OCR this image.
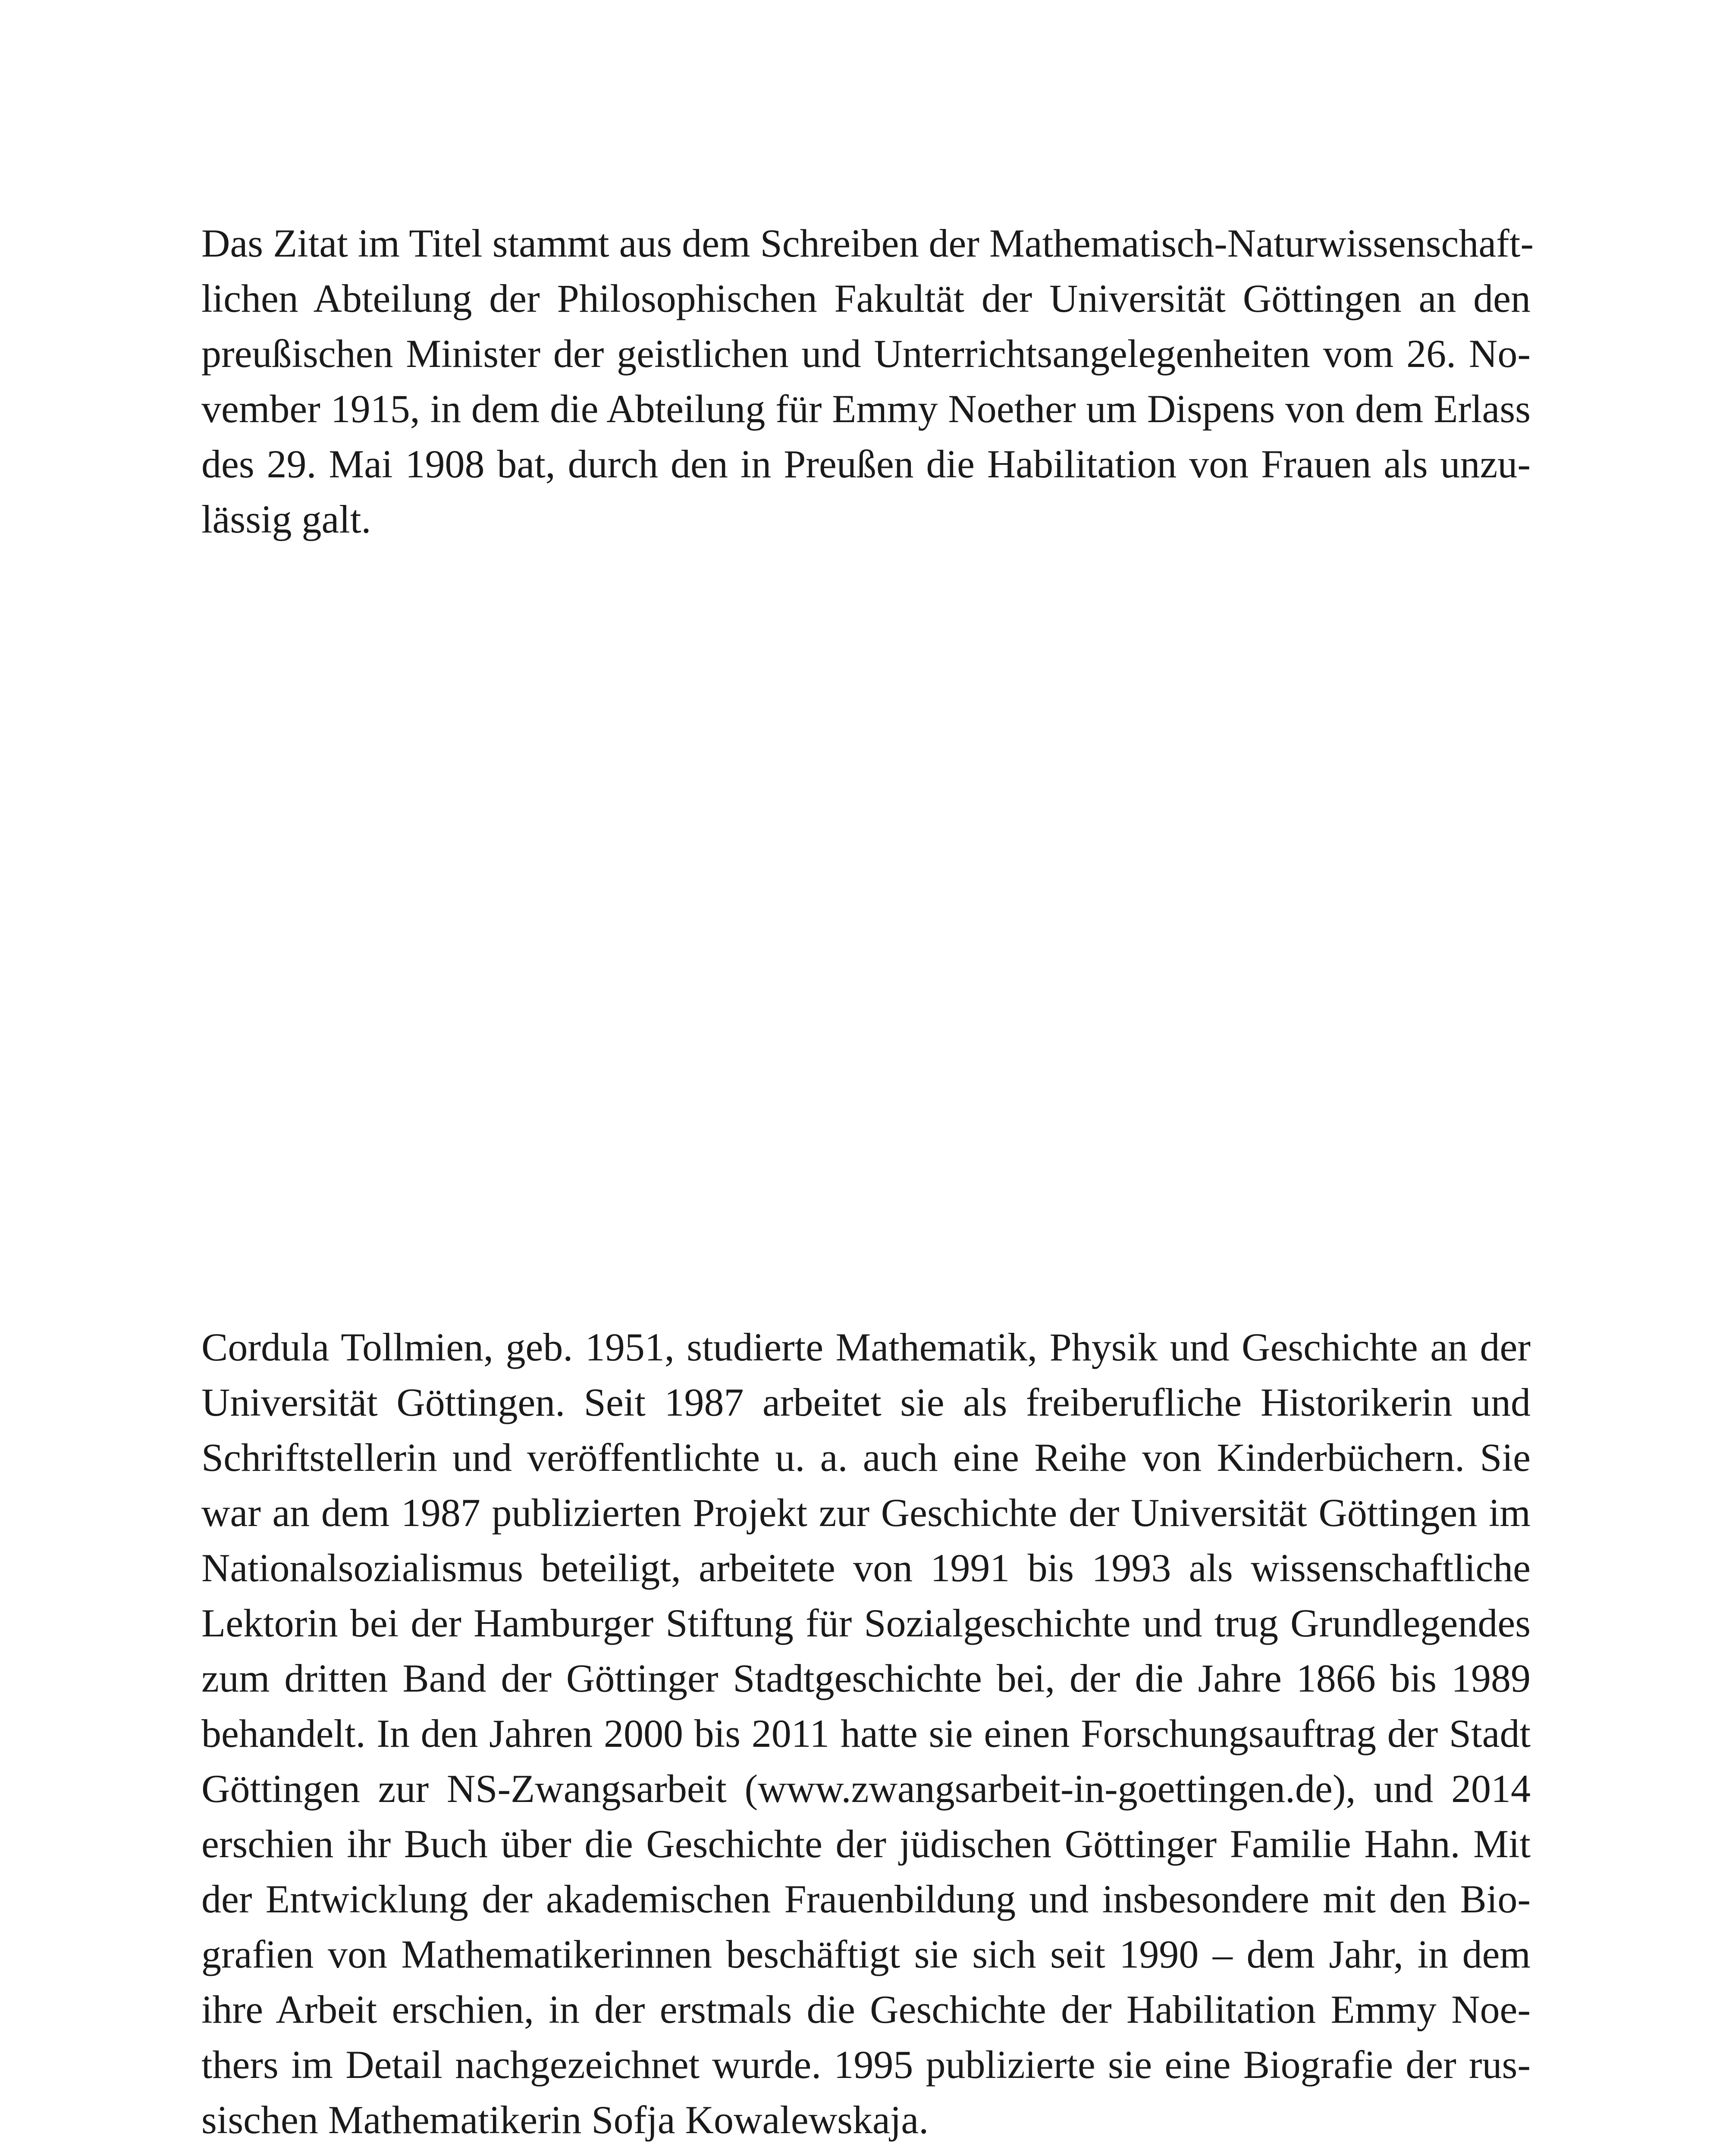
Das Zitat im Titel stammt aus dem Schreiben der Mathematisch-Naturwissenschaft-

lichen Abteilung der Philosophischen Fakultät der Universität Göttingen an den

preußischen Minister der geistlichen und Unterrichtsangelegenheiten vom 26. No-

vember 1915, in dem die Abteilung für Emmy Noether um Dispens von dem Erlass

des 29. Mai 1908 bat, durch den in Preußen die Habilitation von Frauen als unzu-

lässig galt.

Cordula Tollmien, geb. 1951, studierte Mathematik, Physik und Geschichte an der

Universität Göttingen. Seit 1987 arbeitet sie als freiberufliche Historikerin und

Schriftstellerin und veröffentlichte u. a. auch eine Reihe von Kinderbüchern. Sie

war an dem 1987 publizierten Projekt zur Geschichte der Universität Göttingen im

Nationalsozialismus beteiligt, arbeitete von 1991 bis 1993 als wissenschaftliche

Lektorin bei der Hamburger Stiftung für Sozialgeschichte und trug Grundlegendes

zum dritten Band der Göttinger Stadtgeschichte bei, der die Jahre 1866 bis 1989

behandelt. In den Jahren 2000 bis 2011 hatte sie einen Forschungsauftrag der Stadt

Göttingen zur NS-Zwangsarbeit (www.zwangsarbeit-in-goettingen.de), und 2014

erschien ihr Buch über die Geschichte der jüdischen Göttinger Familie Hahn. Mit

der Entwicklung der akademischen Frauenbildung und insbesondere mit den Bio-

grafien von Mathematikerinnen beschäftigt sie sich seit 1990 – dem Jahr, in dem

ihre Arbeit erschien, in der erstmals die Geschichte der Habilitation Emmy Noe-

thers im Detail nachgezeichnet wurde. 1995 publizierte sie eine Biografie der rus-

sischen Mathematikerin Sofja Kowalewskaja.
